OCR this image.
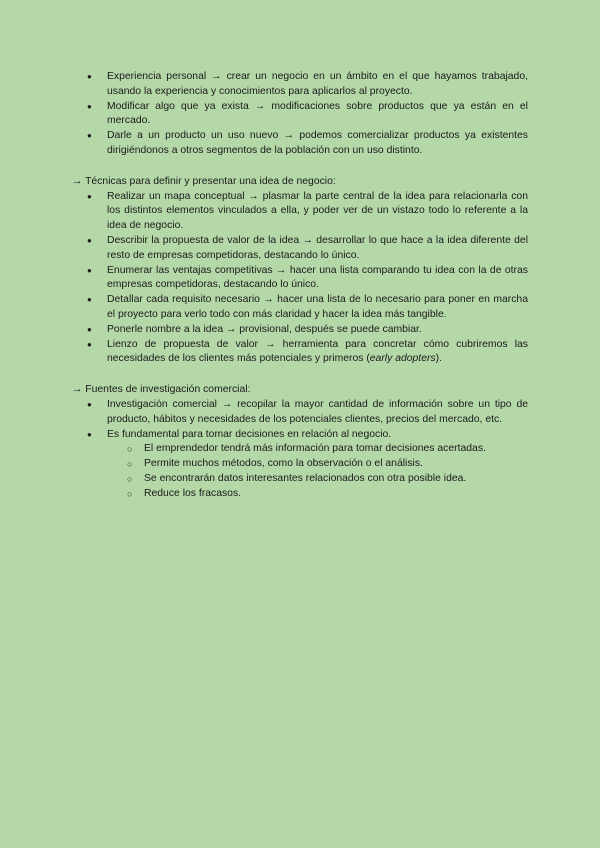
● Experiencia personal → crear un negocio en un ámbito en el que hayamos trabajado, usando la experiencia y conocimientos para aplicarlos al proyecto.
● Modificar algo que ya exista → modificaciones sobre productos que ya están en el mercado.
● Darle a un producto un uso nuevo → podemos comercializar productos ya existentes dirigiéndonos a otros segmentos de la población con un uso distinto.

→ Técnicas para definir y presentar una idea de negocio:

● Realizar un mapa conceptual → plasmar la parte central de la idea para relacionarla con los distintos elementos vinculados a ella, y poder ver de un vistazo todo lo referente a la idea de negocio.
● Describir la propuesta de valor de la idea → desarrollar lo que hace a la idea diferente del resto de empresas competidoras, destacando lo único.
● Enumerar las ventajas competitivas → hacer una lista comparando tu idea con la de otras empresas competidoras, destacando lo único.
● Detallar cada requisito necesario → hacer una lista de lo necesario para poner en marcha el proyecto para verlo todo con más claridad y hacer la idea más tangible.
● Ponerle nombre a la idea → provisional, después se puede cambiar.
● Lienzo de propuesta de valor → herramienta para concretar cómo cubriremos las necesidades de los clientes más potenciales y primeros (early adopters).

→ Fuentes de investigación comercial:

● Investigación comercial → recopilar la mayor cantidad de información sobre un tipo de producto, hábitos y necesidades de los potenciales clientes, precios del mercado, etc.
● Es fundamental para tomar decisiones en relación al negocio.
○ El emprendedor tendrá más información para tomar decisiones acertadas.
○ Permite muchos métodos, como la observación o el análisis.
○ Se encontrarán datos interesantes relacionados con otra posible idea.
○ Reduce los fracasos.
